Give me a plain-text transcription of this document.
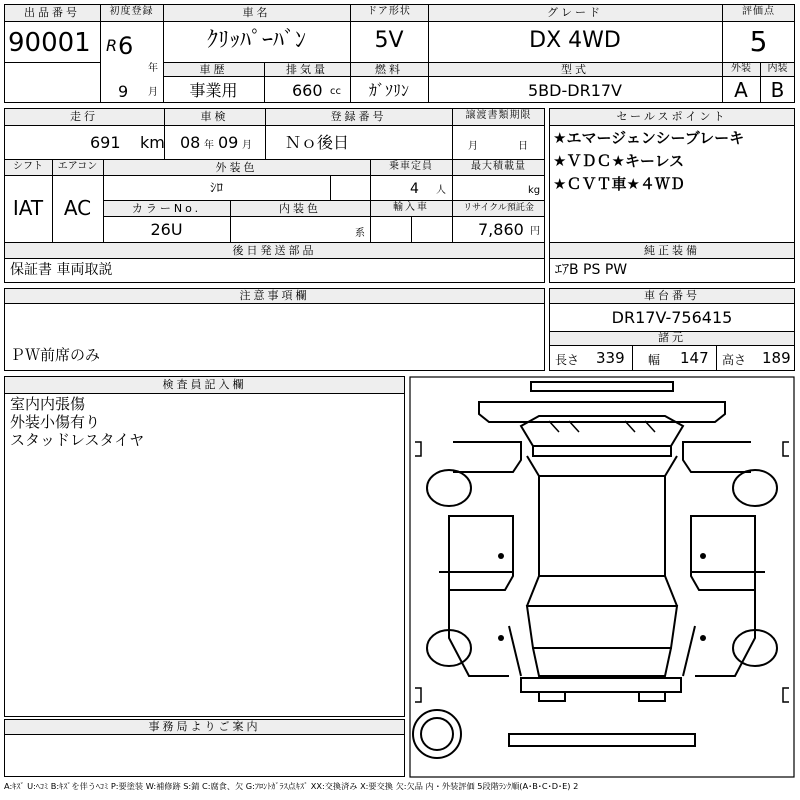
出品番号
90001
初度登録
R 6
年
9 月
車名
ｸﾘｯﾊﾟｰﾊﾞﾝ
ドア形状
5V
グレード
DX 4WD
評価点
5
車歴
事業用
排気量
660 cc
燃料
ｶﾞｿﾘﾝ
型式
5BD-DR17V
外装	内装
A	B
走行
691 km
車検
08 年 09 月
登録番号
Ｎｏ後日
譲渡書類期限
月	日
シフト
IAT
エアコン
AC
外装色
ｼﾛ
乗車定員
4 人
最大積載量
kg
カラーNo.
26U
内装色
系
輸入車	リサイクル預託金
7,860 円
後日発送部品
保証書 車両取説
セールスポイント
★エマージェンシーブレーキ
★ＶＤＣ★キーレス
★ＣＶＴ車★４ＷＤ
純正装備
ｴｱB PS PW
注意事項欄
ＰＷ前席のみ
車台番号
DR17V-756415
諸元
長さ 339 幅 147 高さ 189
検査員記入欄
室内内張傷
外装小傷有り
スタッドレスタイヤ
事務局よりご案内
A:ｷｽﾞ U:ﾍｺﾐ B:ｷｽﾞを伴うﾍｺﾐ P:要塗装 W:補修跡 S:錆 C:腐食、欠 G:ﾌﾛﾝﾄｶﾞﾗｽ点ｷｽﾞ XX:交換済み X:要交換 欠:欠品 内・外装評価 5段階ﾗﾝｸ順(A･B･C･D･E) 2
